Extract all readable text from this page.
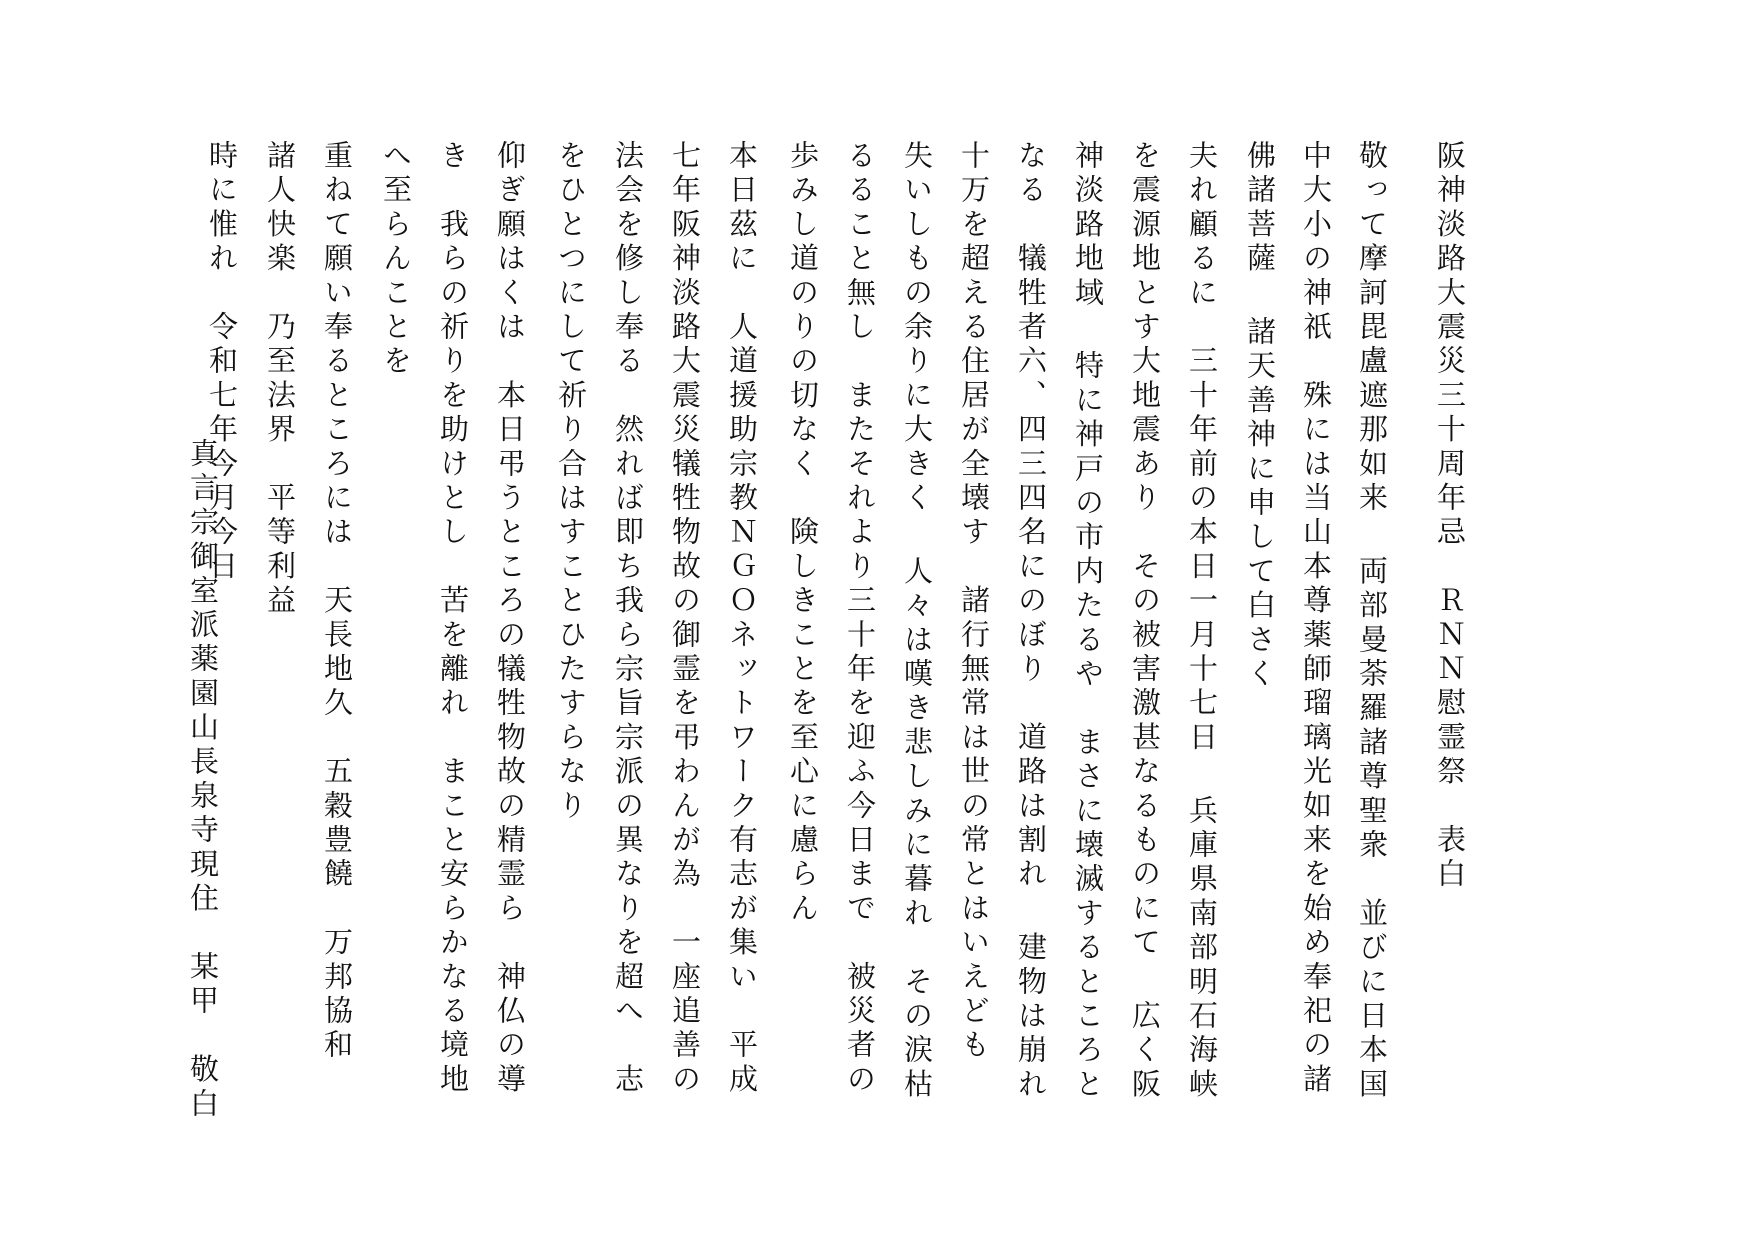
阪神淡路大震災三十周年忌　ＲＮＮ慰霊祭　表白
敬って摩訶毘盧遮那如来 両部曼荼羅諸尊聖衆　並びに日本国
中大小の神祇　殊には当山本尊薬師瑠璃光如来を始め奉祀の諸
佛諸菩薩 諸天善神に申して白さく
夫れ顧るに　三十年前の本日一月十七日 兵庫県南部明石海峡
を震源地とす大地震あり　その被害激甚なるものにて 広く阪
神淡路地域 特に神戸の市内たるや　まさに壊滅するところと
なる　犠牲者六、四三四名にのぼり　道路は割れ 建物は崩れ
十万を超える住居が全壊す　諸行無常は世の常とはいえども
失いしもの余りに大きく 人々は嘆き悲しみに暮れ　その涙枯
るること無し　またそれより三十年を迎ふ今日まで　被災者の
歩みし道のりの切なく　険しきことを至心に慮らん
本日茲に　人道援助宗教ＮＧＯネットワーク有志が集い　平成
七年阪神淡路大震災犠牲物故の御霊を弔わんが為　一座追善の
法会を修し奉る　然れば即ち我ら宗旨宗派の異なりを超へ　志
をひとつにして祈り合はすことひたすらなり
仰ぎ願はくは　本日弔うところの犠牲物故の精霊ら　神仏の導
き　我らの祈りを助けとし　苦を離れ　まこと安らかなる境地
へ至らんことを
重ねて願い奉るところには　天長地久　五穀豊饒　万邦協和
諸人快楽　乃至法界　平等利益
時に惟れ　令和七年今月今日
真言宗御室派薬園山長泉寺現住　某甲　敬白
